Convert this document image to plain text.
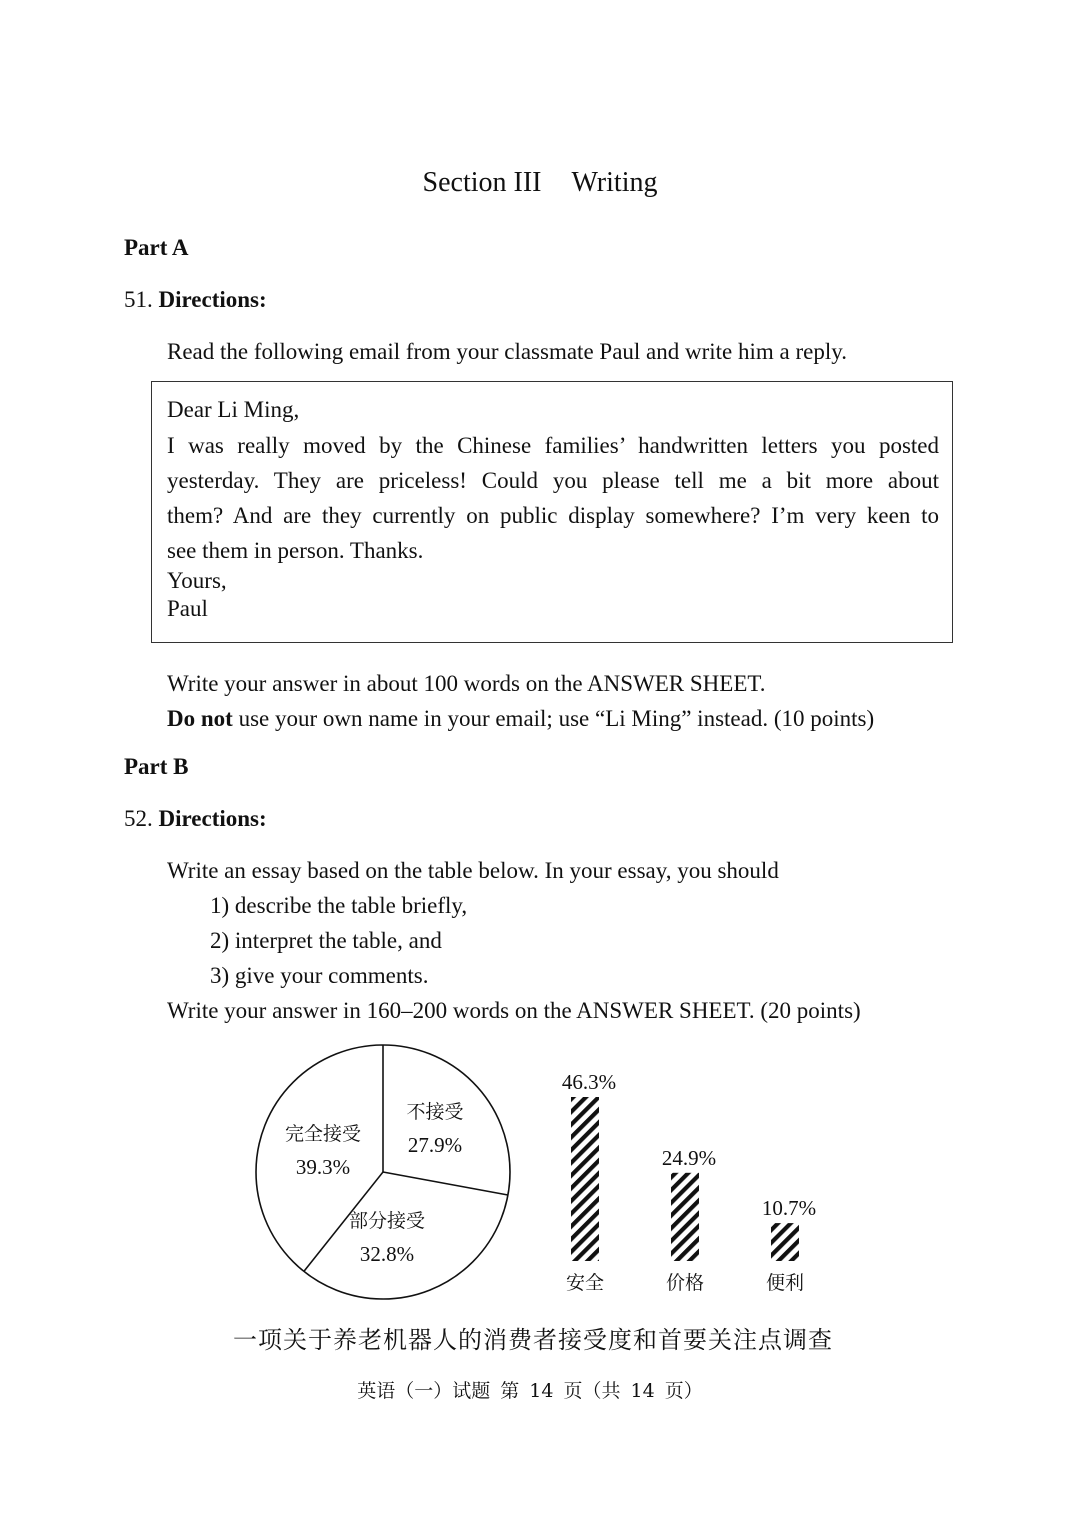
Section III Writing
Part A
51. Directions:
Read the following email from your classmate Paul and write him a reply.
Dear Li Ming,
I was really moved by the Chinese families’ handwritten letters you posted
yesterday. They are priceless! Could you please tell me a bit more about
them? And are they currently on public display somewhere? I’m very keen to
see them in person. Thanks.
Yours,
Paul
Write your answer in about 100 words on the ANSWER SHEET.
Do not use your own name in your email; use “Li Ming” instead. (10 points)
Part B
52. Directions:
Write an essay based on the table below. In your essay, you should
1) describe the table briefly,
2) interpret the table, and
3) give your comments.
Write your answer in 160–200 words on the ANSWER SHEET. (20 points)
不接受
27.9%
部分接受
32.8%
完全接受
39.3%
46.3%
安全
24.9%
价格
10.7%
便利
一项关于养老机器人的消费者接受度和首要关注点调查
英语（一）试题 第 14 页（共 14 页）
